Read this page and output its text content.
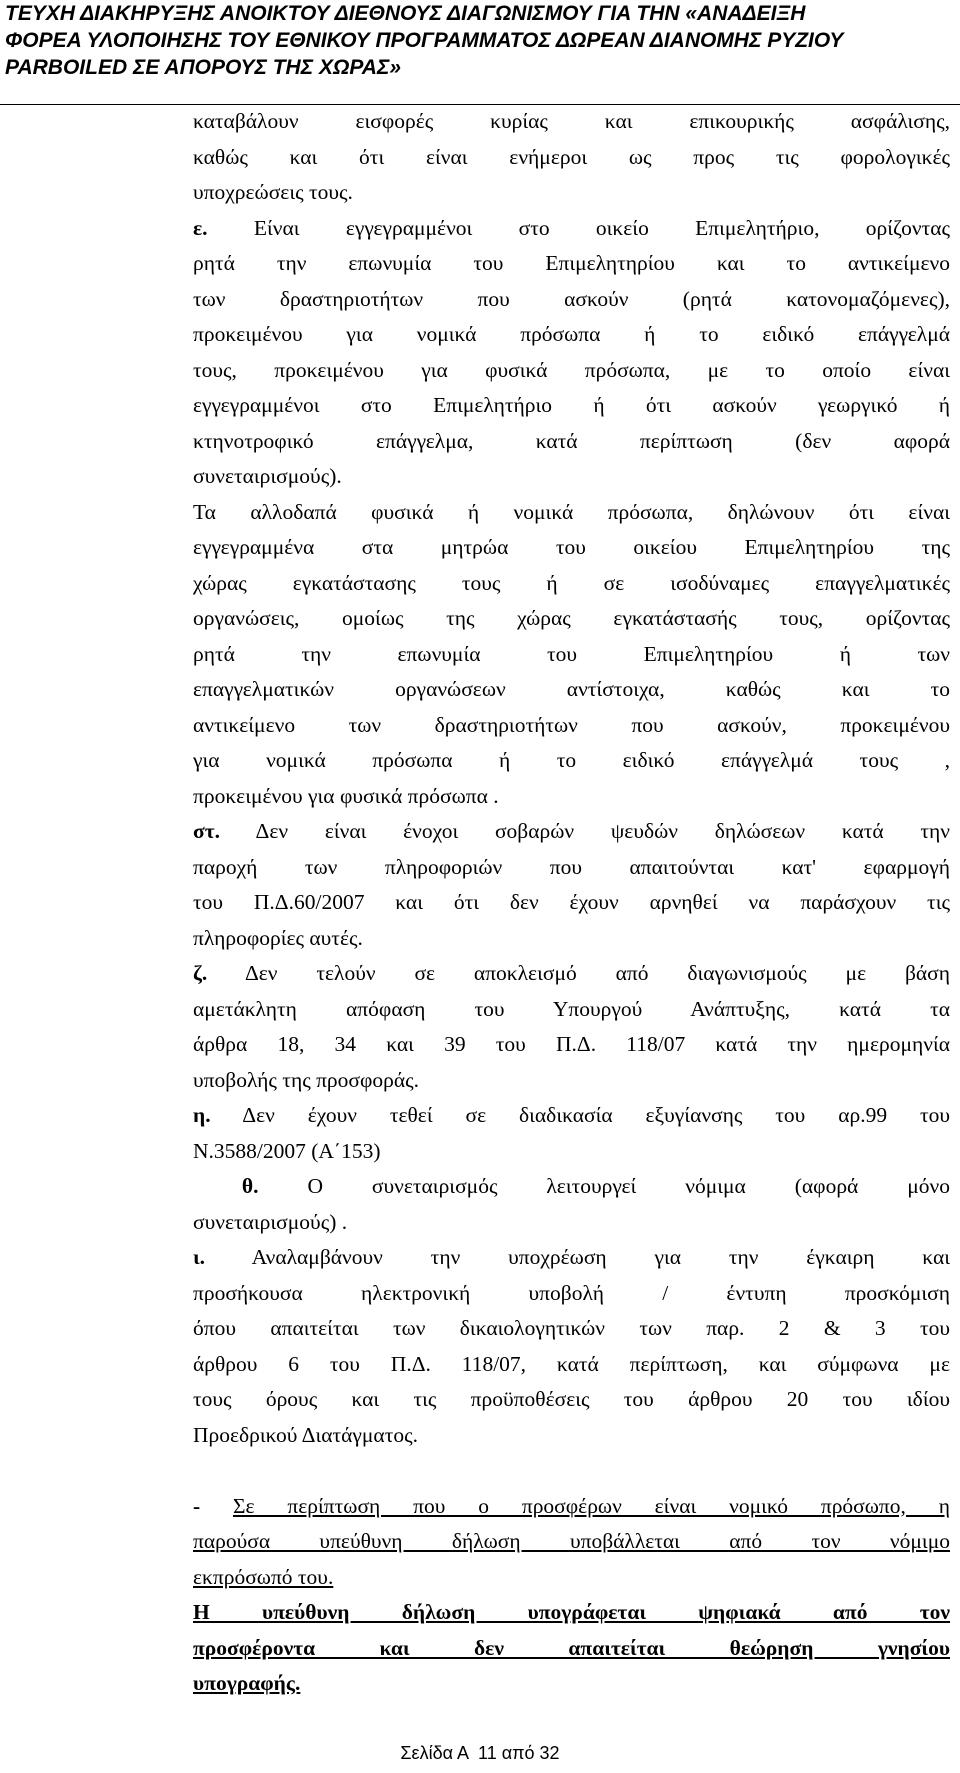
ΤΕΥΧΗ ΔΙΑΚΗΡΥΞΗΣ ΑΝΟΙΚΤΟΥ ΔΙΕΘΝΟΥΣ ΔΙΑΓΩΝΙΣΜΟΥ ΓΙΑ ΤΗΝ «ΑΝΑΔΕΙΞΗ
ΦΟΡΕΑ ΥΛΟΠΟΙΗΣΗΣ ΤΟΥ ΕΘΝΙΚΟΥ ΠΡΟΓΡΑΜΜΑΤΟΣ ΔΩΡΕΑΝ ΔΙΑΝΟΜΗΣ ΡΥΖΙΟΥ
PARBOILED ΣΕ ΑΠΟΡΟΥΣ ΤΗΣ ΧΩΡΑΣ»
καταβάλουν εισφορές κυρίας και επικουρικής ασφάλισης,
καθώς και ότι είναι ενήμεροι ως προς τις φορολογικές
υποχρεώσεις τους.
ε. Είναι εγγεγραμμένοι στο οικείο Επιμελητήριο, ορίζοντας
ρητά την επωνυμία του Επιμελητηρίου και το αντικείμενο
των δραστηριοτήτων που ασκούν (ρητά κατονομαζόμενες),
προκειμένου για νομικά πρόσωπα ή το ειδικό επάγγελμά
τους, προκειμένου για φυσικά πρόσωπα, με το οποίο είναι
εγγεγραμμένοι στο Επιμελητήριο ή ότι ασκούν γεωργικό ή
κτηνοτροφικό επάγγελμα, κατά περίπτωση (δεν αφορά
συνεταιρισμούς).
Τα αλλοδαπά φυσικά ή νομικά πρόσωπα, δηλώνουν ότι είναι
εγγεγραμμένα στα μητρώα του οικείου Επιμελητηρίου της
χώρας εγκατάστασης τους ή σε ισοδύναμες επαγγελματικές
οργανώσεις, ομοίως της χώρας εγκατάστασής τους, ορίζοντας
ρητά την επωνυμία του Επιμελητηρίου ή των
επαγγελματικών οργανώσεων αντίστοιχα, καθώς και το
αντικείμενο των δραστηριοτήτων που ασκούν, προκειμένου
για νομικά πρόσωπα ή το ειδικό επάγγελμά τους ,
προκειμένου για φυσικά πρόσωπα .
στ. Δεν είναι ένοχοι σοβαρών ψευδών δηλώσεων κατά την
παροχή των πληροφοριών που απαιτούνται κατ' εφαρμογή
του Π.Δ.60/2007 και ότι δεν έχουν αρνηθεί να παράσχουν τις
πληροφορίες αυτές.
ζ. Δεν τελούν σε αποκλεισμό από διαγωνισμούς με βάση
αμετάκλητη απόφαση του Υπουργού Ανάπτυξης, κατά τα
άρθρα 18, 34 και 39 του Π.Δ. 118/07 κατά την ημερομηνία
υποβολής της προσφοράς.
η. Δεν έχουν τεθεί σε διαδικασία εξυγίανσης του αρ.99 του
Ν.3588/2007 (Α΄153)
θ. Ο συνεταιρισμός λειτουργεί νόμιμα (αφορά μόνο
συνεταιρισμούς) .
ι. Αναλαμβάνουν την υποχρέωση για την έγκαιρη και
προσήκουσα ηλεκτρονική υποβολή / έντυπη προσκόμιση
όπου απαιτείται των δικαιολογητικών των παρ. 2 & 3 του
άρθρου 6 του Π.Δ. 118/07, κατά περίπτωση, και σύμφωνα με
τους όρους και τις προϋποθέσεις του άρθρου 20 του ιδίου
Προεδρικού Διατάγματος.
- Σε περίπτωση που ο προσφέρων είναι νομικό πρόσωπο, η
παρούσα υπεύθυνη δήλωση υποβάλλεται από τον νόμιμο
εκπρόσωπό του.
Η υπεύθυνη δήλωση υπογράφεται ψηφιακά από τον
προσφέροντα και δεν απαιτείται θεώρηση γνησίου
υπογραφής.
Σελίδα Α  11 από 32
